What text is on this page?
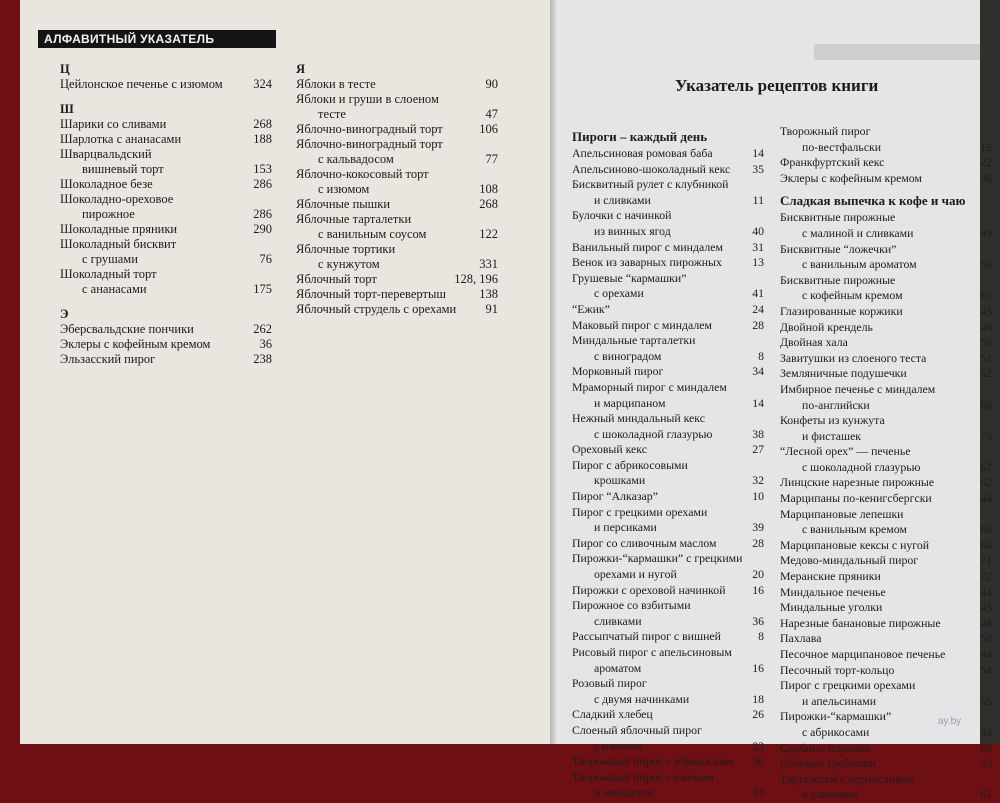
АЛФАВИТНЫЙ УКАЗАТЕЛЬ
Ц
Цейлонское печенье с изюмом	324
Ш
Шарики со сливами	268
Шарлотка с ананасами	188
Шварцвальдский
вишневый торт	153
Шоколадное безе	286
Шоколадно-ореховое
пирожное	286
Шоколадные пряники	290
Шоколадный бисквит
с грушами	76
Шоколадный торт
с ананасами	175
Э
Эберсвальдские пончики	262
Эклеры с кофейным кремом	36
Эльзасский пирог	238
Я
Яблоки в тесте	90
Яблоки и груши в слоеном
тесте	47
Яблочно-виноградный торт	106
Яблочно-виноградный торт
с кальвадосом	77
Яблочно-кокосовый торт
с изюмом	108
Яблочные пышки	268
Яблочные тарталетки
с ванильным соусом	122
Яблочные тортики
с кунжутом	331
Яблочный торт	128, 196
Яблочный торт-перевертыш	138
Яблочный струдель с орехами	91
Указатель рецептов книги
Пироги – каждый день
Апельсиновая ромовая баба	14
Апельсиново-шоколадный кекс	35
Бисквитный рулет с клубникой
и сливками	11
Булочки с начинкой
из винных ягод	40
Ванильный пирог с миндалем	31
Венок из заварных пирожных	13
Грушевые “кармашки”
с орехами	41
“Ежик”	24
Маковый пирог с миндалем	28
Миндальные тарталетки
с виноградом	8
Морковный пирог	34
Мраморный пирог с миндалем
и марципаном	14
Нежный миндальный кекс
с шоколадной глазурью	38
Ореховый кекс	27
Пирог с абрикосовыми
крошками	32
Пирог “Алказар”	10
Пирог с грецкими орехами
и персиками	39
Пирог со сливочным маслом	28
Пирожки-“кармашки” с грецкими
орехами и нугой	20
Пирожки с ореховой начинкой	16
Пирожное со взбитыми
сливками	36
Рассыпчатый пирог с вишней	8
Рисовый пирог с апельсиновым
ароматом	16
Розовый пирог
с двумя начинками	18
Сладкий хлебец	26
Слоеный яблочный пирог
с изюмом	23
Творожный пирог с абрикосами	30
Творожный пирог с изюмом
и миндалем	33
Творожный пирог
по-вестфальски	12
Франкфуртский кекс	22
Эклеры с кофейным кремом	36
Сладкая выпечка к кофе и чаю
Бисквитные пирожные
с малиной и сливками	49
Бисквитные “ложечки”
с ванильным ароматом	59
Бисквитные пирожные
с кофейным кремом	65
Глазированные коржики	45
Двойной крендель	46
Двойная хала	50
Завитушки из слоеного теста	52
Земляничные подушечки	52
Имбирное печенье с миндалем
по-английски	60
Конфеты из кунжута
и фисташек	73
“Лесной орех” — печенье
с шоколадной глазурью	67
Линцские нарезные пирожные	62
Марципаны по-кенигсбергски	44
Марципановые лепешки
с ванильным кремом	66
Марципановые кексы с нугой	64
Медово-миндальный пирог	71
Меранские пряники	72
Миндальное печенье	44
Миндальные уголки	45
Нарезные банановые пирожные	48
Пахлава	58
Песочное марципановое печенье	44
Песочный торт-кольцо	54
Пирог с грецкими орехами
и апельсинами	55
Пирожки-“кармашки”
с абрикосами	53
Сдобные плюшки	68
Слоеные гребешки	53
Тарталетки с черносливом
и сливками	61
ay.by
